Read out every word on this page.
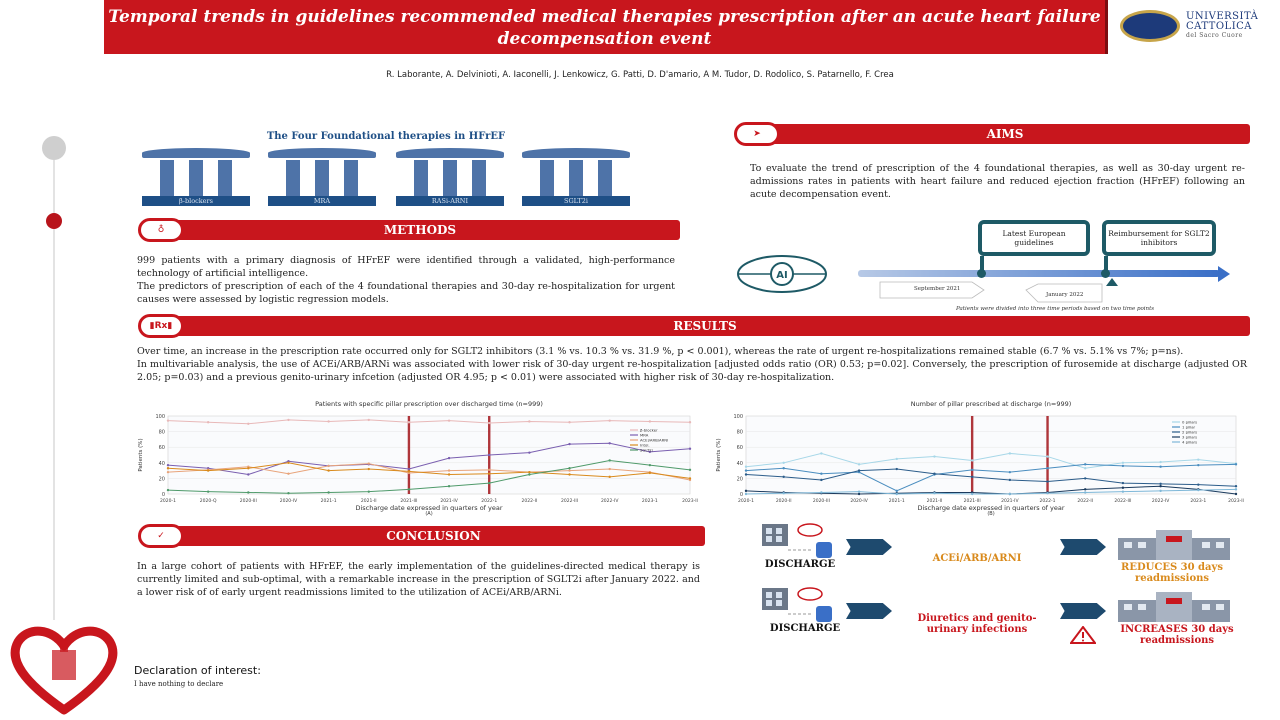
Temporal trends in guidelines recommended medical therapies prescription after an acute heart failure decompensation event
UNIVERSITÀ CATTOLICA
del Sacro Cuore
R. Laborante, A. Delvinioti, A. Iaconelli, J. Lenkowicz, G. Patti, D. D'amario, A M. Tudor, D. Rodolico, S. Patarnello, F. Crea
The Four Foundational therapies in HFrEF
β-blockers	MRA	RASi-ARNI	SGLT2i
METHODS
♁

999 patients with a primary diagnosis of HFrEF were identified through a validated, high-performance technology of artificial intelligence.

The predictors of prescription of each of the 4 foundational therapies and 30-day re-hospitalization for urgent causes were assessed by logistic regression models.

AIMS
➤
To evaluate the trend of prescription of the 4 foundational therapies, as well as 30-day urgent re-admissions rates in patients with heart failure and reduced ejection fraction (HFrEF) following an acute decompensation event.
AI
Latest European guidelines
Reimbursement for SGLT2 inhibitors
September 2021
January 2022
Patients were divided into three time periods based on two time points
RESULTS
▮Rx▮

Over time, an increase in the prescription rate occurred only for SGLT2 inhibitors (3.1 % vs. 10.3 % vs. 31.9 %, p < 0.001), whereas the rate of urgent re-hospitalizations remained stable (6.7 % vs. 5.1% vs 7%; p=ns).

In multivariable analysis, the use of ACEi/ARB/ARNi was associated with lower risk of 30-day urgent re-hospitalization [adjusted odds ratio (OR) 0.53; p=0.02]. Conversely, the prescription of furosemide at discharge (adjusted OR 2.05; p=0.03) and a previous genito-urinary infcetion (adjusted OR 4.95; p < 0.01) were associated with higher risk of 30-day re-hospitalization.

0
20
40
60
80
100
2020-1	2020-Q	2020-III	2020-IV	2021-1	2021-II	2021-III	2021-IV	2022-1	2022-II	2022-III	2022-IV	2023-1	2023-II
β-blocker
MRA
ACEi/ARB/ARNI
Intol.
SGLT2i
Patients with specific pillar prescription over discharged time (n=999)
Discharge date expressed in quarters of year
(A)
Patients (%)
0
20
40
60
80
100
2020-1	2020-II	2020-III	2020-IV	2021-1	2021-II	2021-III	2021-IV	2022-1	2022-II	2022-III	2022-IV	2023-1	2023-II
0 pillars
1 pillar
2 pillars
3 pillars
4 pillars
Number of pillar prescribed at discharge (n=999)
Discharge date expressed in quarters of year
(B)
Patients (%)
CONCLUSION
✓
In a large cohort of patients with HFrEF, the early implementation of the guidelines-directed medical therapy is currently limited and sub-optimal, with a remarkable increase in the prescription of SGLT2i after January 2022. and a lower risk of of early urgent readmissions limited to the utilization of ACEi/ARB/ARNi.
DISCHARGE
ACEi/ARB/ARNI
REDUCES 30 days readmissions
DISCHARGE
Diuretics and genito-urinary infections	INCREASES 30 days readmissions
Declaration of interest:
I have nothing to declare
